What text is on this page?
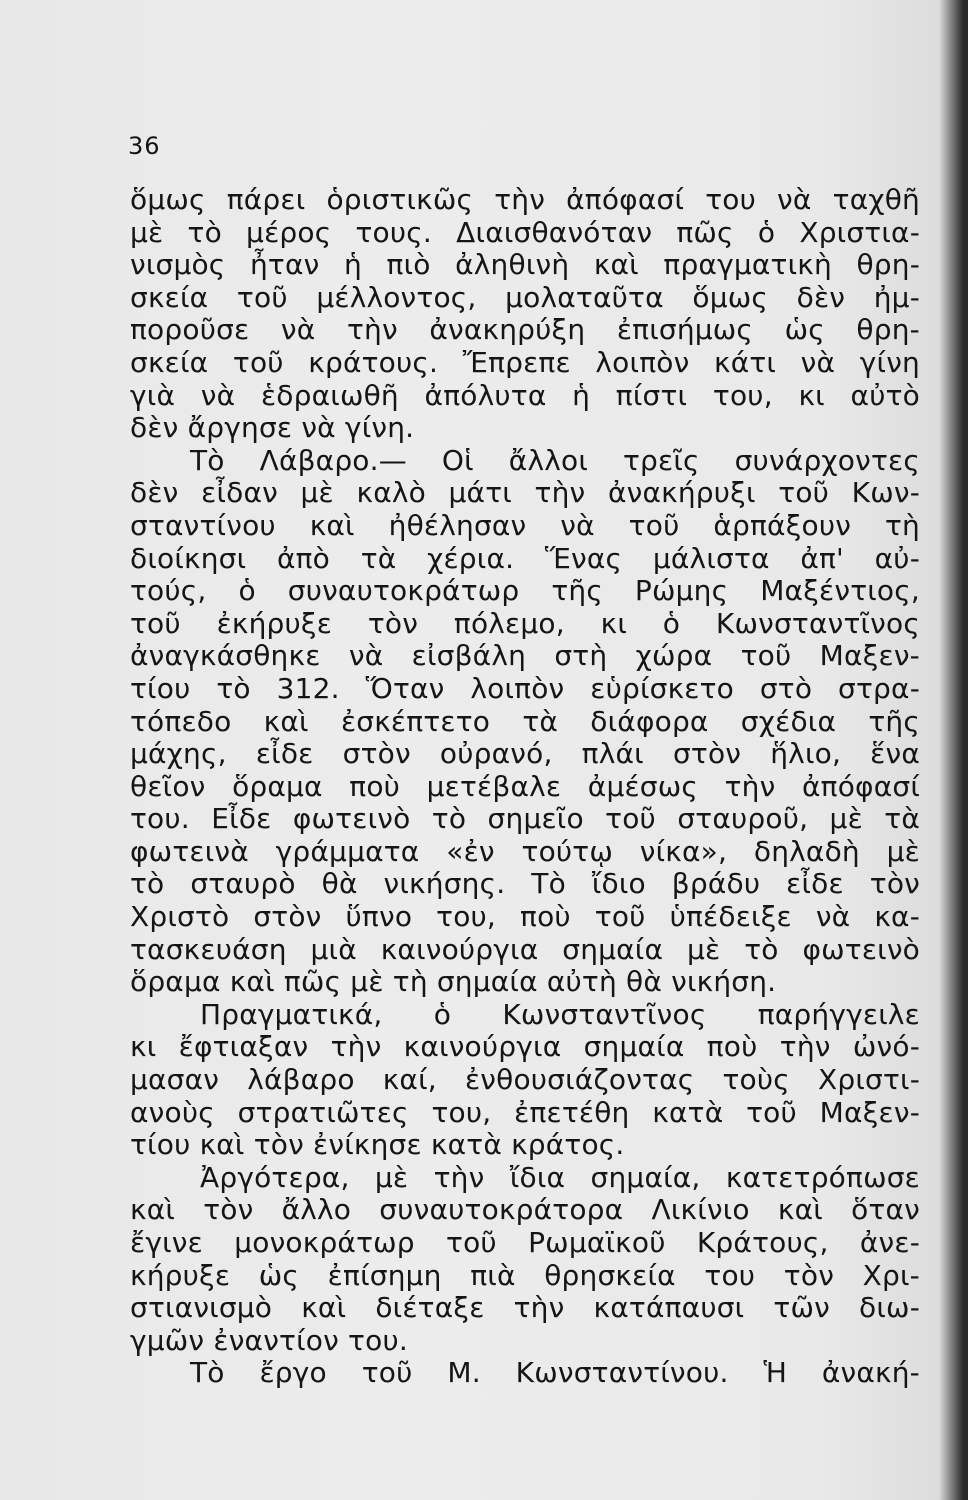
36
ὅμως πάρει ὁριστικῶς τὴν ἀπόφασί του νὰ ταχθῆ
μὲ τὸ μέρος τους. Διαισθανόταν πῶς ὁ Χριστια-
νισμὸς ἦταν ἡ πιὸ ἀληθινὴ καὶ πραγματικὴ θρη-
σκεία τοῦ μέλλοντος, μολαταῦτα ὅμως δὲν ἠμ-
ποροῦσε νὰ τὴν ἀνακηρύξη ἐπισήμως ὡς θρη-
σκεία τοῦ κράτους. Ἔπρεπε λοιπὸν κάτι νὰ γίνη
γιὰ νὰ ἑδραιωθῆ ἀπόλυτα ἡ πίστι του, κι αὐτὸ
δὲν ἄργησε νὰ γίνη.
Τὸ Λάβαρο.— Οἱ ἄλλοι τρεῖς συνάρχοντες
δὲν εἶδαν μὲ καλὸ μάτι τὴν ἀνακήρυξι τοῦ Κων-
σταντίνου καὶ ἠθέλησαν νὰ τοῦ ἁρπάξουν τὴ
διοίκησι ἀπὸ τὰ χέρια. Ἕνας μάλιστα ἀπ' αὐ-
τούς, ὁ συναυτοκράτωρ τῆς Ρώμης Μαξέντιος,
τοῦ ἐκήρυξε τὸν πόλεμο, κι ὁ Κωνσταντῖνος
ἀναγκάσθηκε νὰ εἰσβάλη στὴ χώρα τοῦ Μαξεν-
τίου τὸ 312. Ὅταν λοιπὸν εὑρίσκετο στὸ στρα-
τόπεδο καὶ ἐσκέπτετο τὰ διάφορα σχέδια τῆς
μάχης, εἶδε στὸν οὐρανό, πλάι στὸν ἥλιο, ἕνα
θεῖον ὅραμα ποὺ μετέβαλε ἀμέσως τὴν ἀπόφασί
του. Εἶδε φωτεινὸ τὸ σημεῖο τοῦ σταυροῦ, μὲ τὰ
φωτεινὰ γράμματα «ἐν τούτῳ νίκα», δηλαδὴ μὲ
τὸ σταυρὸ θὰ νικήσης. Τὸ ἴδιο βράδυ εἶδε τὸν
Χριστὸ στὸν ὕπνο του, ποὺ τοῦ ὑπέδειξε νὰ κα-
τασκευάση μιὰ καινούργια σημαία μὲ τὸ φωτεινὸ
ὅραμα καὶ πῶς μὲ τὴ σημαία αὐτὴ θὰ νικήση.
Πραγματικά, ὁ Κωνσταντῖνος παρήγγειλε
κι ἔφτιαξαν τὴν καινούργια σημαία ποὺ τὴν ὠνό-
μασαν λάβαρο καί, ἐνθουσιάζοντας τοὺς Χριστι-
ανοὺς στρατιῶτες του, ἐπετέθη κατὰ τοῦ Μαξεν-
τίου καὶ τὸν ἐνίκησε κατὰ κράτος.
Ἀργότερα, μὲ τὴν ἴδια σημαία, κατετρόπωσε
καὶ τὸν ἄλλο συναυτοκράτορα Λικίνιο καὶ ὅταν
ἔγινε μονοκράτωρ τοῦ Ρωμαϊκοῦ Κράτους, ἀνε-
κήρυξε ὡς ἐπίσημη πιὰ θρησκεία του τὸν Χρι-
στιανισμὸ καὶ διέταξε τὴν κατάπαυσι τῶν διω-
γμῶν ἐναντίον του.
Τὸ ἔργο τοῦ Μ. Κωνσταντίνου. Ἡ ἀνακή-
